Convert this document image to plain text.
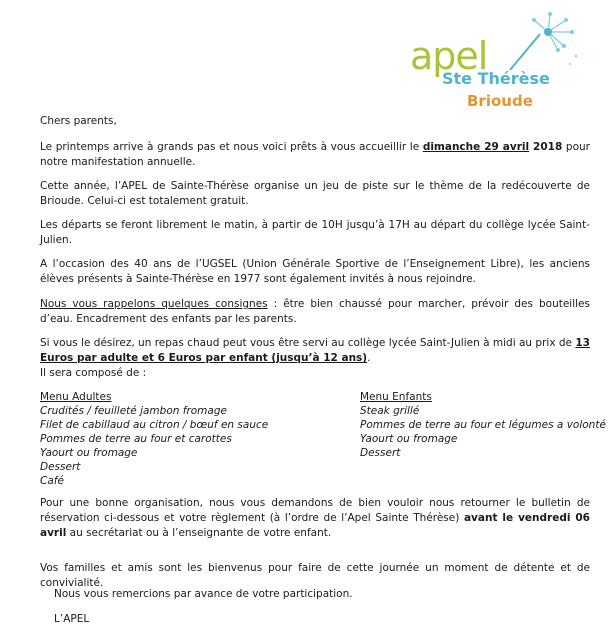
apel
Ste Thérèse
Brioude

Chers parents,

Le printemps arrive à grands pas et nous voici prêts à vous accueillir le dimanche 29 avril 2018 pour notre manifestation annuelle.

Cette année, l’APEL de Sainte-Thérèse organise un jeu de piste sur le thème de la redécouverte de Brioude. Celui-ci est totalement gratuit.

Les départs se feront librement le matin, à partir de 10H jusqu’à 17H au départ du collège lycée Saint-Julien.

A l’occasion des 40 ans de l’UGSEL (Union Générale Sportive de l’Enseignement Libre), les anciens élèves présents à Sainte-Thérèse en 1977 sont également invités à nous rejoindre.

Nous vous rappelons quelques consignes : être bien chaussé pour marcher, prévoir des bouteilles d’eau. Encadrement des enfants par les parents.

Si vous le désirez, un repas chaud peut vous être servi au collège lycée Saint-Julien à midi au prix de 13 Euros par adulte et 6 Euros par enfant (jusqu’à 12 ans).

Il sera composé de :

Menu Adultes
Crudités / feuilleté jambon fromage
Filet de cabillaud au citron / bœuf en sauce
Pommes de terre au four et carottes
Yaourt ou fromage
Dessert
Café
Menu Enfants
Steak grillé
Pommes de terre au four et légumes a volonté
Yaourt ou fromage
Dessert

Pour une bonne organisation, nous vous demandons de bien vouloir nous retourner le bulletin de réservation ci-dessous et votre règlement (à l’ordre de l’Apel Sainte Thérèse) avant le vendredi 06 avril au secrétariat ou à l’enseignante de votre enfant.

Vos familles et amis sont les bienvenus pour faire de cette journée un moment de détente et de convivialité.

Nous vous remercions par avance de votre participation.

L’APEL
